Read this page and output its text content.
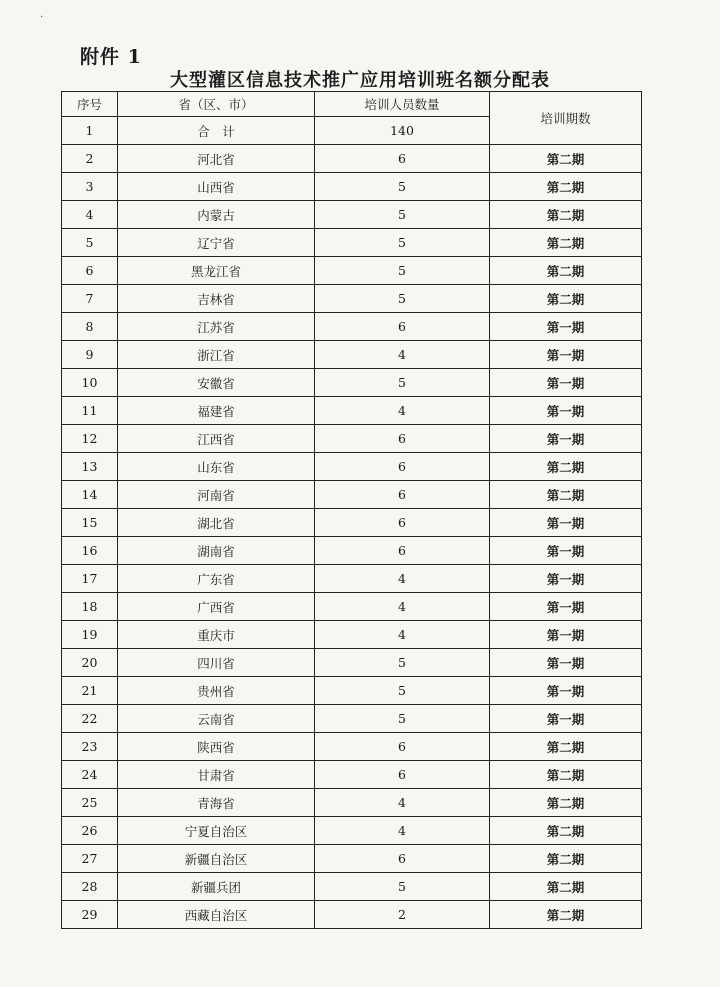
·
附件 1
大型灌区信息技术推广应用培训班名额分配表
序号	省（区、市）	培训人员数量	培训期数
1	合　计	140	
2	河北省	6	第二期
3	山西省	5	第二期
4	内蒙古	5	第二期
5	辽宁省	5	第二期
6	黑龙江省	5	第二期
7	吉林省	5	第二期
8	江苏省	6	第一期
9	浙江省	4	第一期
10	安徽省	5	第一期
11	福建省	4	第一期
12	江西省	6	第一期
13	山东省	6	第二期
14	河南省	6	第二期
15	湖北省	6	第一期
16	湖南省	6	第一期
17	广东省	4	第一期
18	广西省	4	第一期
19	重庆市	4	第一期
20	四川省	5	第一期
21	贵州省	5	第一期
22	云南省	5	第一期
23	陕西省	6	第二期
24	甘肃省	6	第二期
25	青海省	4	第二期
26	宁夏自治区	4	第二期
27	新疆自治区	6	第二期
28	新疆兵团	5	第二期
29	西藏自治区	2	第二期
